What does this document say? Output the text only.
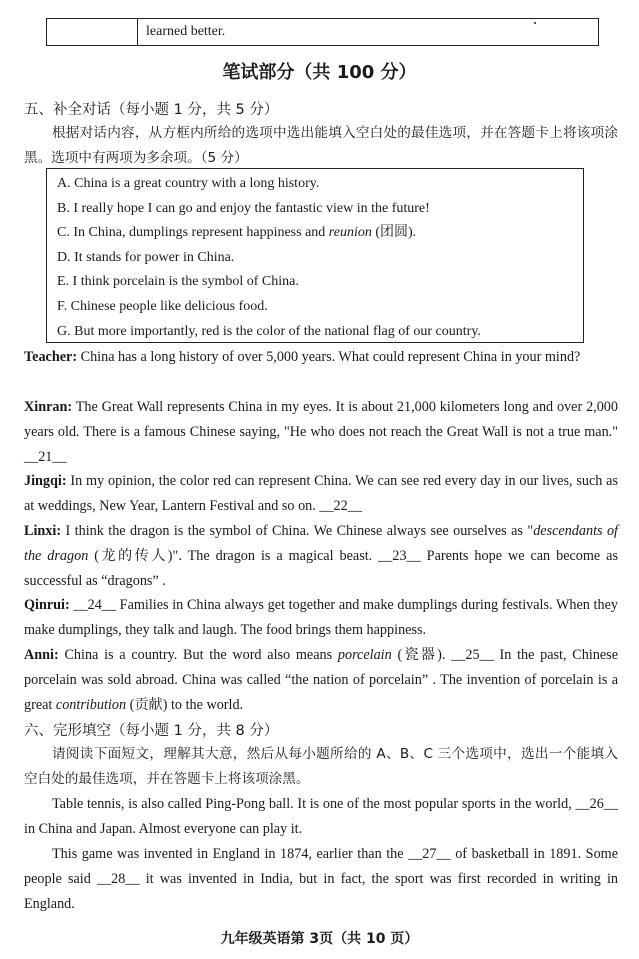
learned better.
笔试部分（共 100 分）
五、补全对话（每小题 1 分，共 5 分）
根据对话内容，从方框内所给的选项中选出能填入空白处的最佳选项，并在答题卡上将该项涂黑。选项中有两项为多余项。（5 分）
A. China is a great country with a long history.
B. I really hope I can go and enjoy the fantastic view in the future!
C. In China, dumplings represent happiness and reunion (团圆).
D. It stands for power in China.
E. I think porcelain is the symbol of China.
F. Chinese people like delicious food.
G. But more importantly, red is the color of the national flag of our country.
Teacher: China has a long history of over 5,000 years. What could represent China in your mind?
Xinran: The Great Wall represents China in my eyes. It is about 21,000 kilometers long and over 2,000 years old. There is a famous Chinese saying, "He who does not reach the Great Wall is not a true man." __21__
Jingqi: In my opinion, the color red can represent China. We can see red every day in our lives, such as at weddings, New Year, Lantern Festival and so on. __22__
Linxi: I think the dragon is the symbol of China. We Chinese always see ourselves as "descendants of the dragon (龙的传人)". The dragon is a magical beast. __23__ Parents hope we can become as successful as “dragons” .
Qinrui: __24__ Families in China always get together and make dumplings during festivals. When they make dumplings, they talk and laugh. The food brings them happiness.
Anni: China is a country. But the word also means porcelain (瓷器). __25__ In the past, Chinese porcelain was sold abroad. China was called “the nation of porcelain” . The invention of porcelain is a great contribution (贡献) to the world.
六、完形填空（每小题 1 分，共 8 分）
请阅读下面短文，理解其大意，然后从每小题所给的 A、B、C 三个选项中，选出一个能填入空白处的最佳选项，并在答题卡上将该项涂黑。
Table tennis, is also called Ping-Pong ball. It is one of the most popular sports in the world, __26__ in China and Japan. Almost everyone can play it.
This game was invented in England in 1874, earlier than the __27__ of basketball in 1891. Some people said __28__ it was invented in India, but in fact, the sport was first recorded in writing in England.
九年级英语第 3页（共 10 页）
